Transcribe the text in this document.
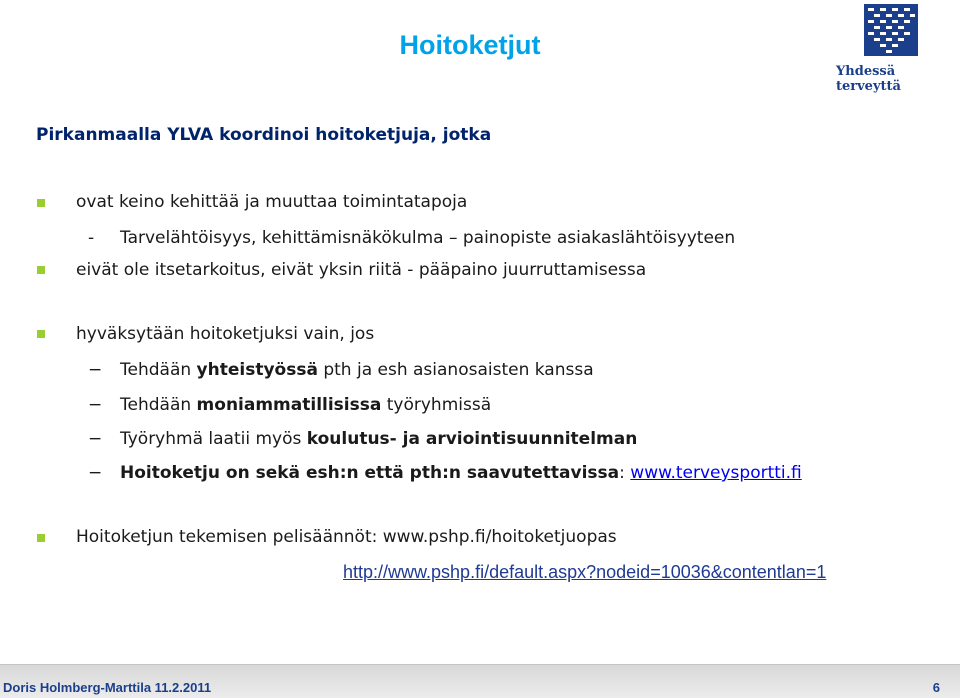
Hoitoketjut
Yhdessä terveyttä
Pirkanmaalla YLVA koordinoi hoitoketjuja, jotka
ovat keino kehittää ja muuttaa toimintatapoja
- Tarvelähtöisyys, kehittämisnäkökulma – painopiste asiakaslähtöisyyteen
eivät ole itsetarkoitus, eivät yksin riitä - pääpaino juurruttamisessa
hyväksytään hoitoketjuksi vain, jos
− Tehdään yhteistyössä pth ja esh asianosaisten kanssa
− Tehdään moniammatillisissa työryhmissä
− Työryhmä laatii myös koulutus- ja arviointisuunnitelman
− Hoitoketju on sekä esh:n että pth:n saavutettavissa: www.terveysportti.fi
Hoitoketjun tekemisen pelisäännöt: www.pshp.fi/hoitoketjuopas
http://www.pshp.fi/default.aspx?nodeid=10036&contentlan=1
Doris Holmberg-Marttila 11.2.2011	6
